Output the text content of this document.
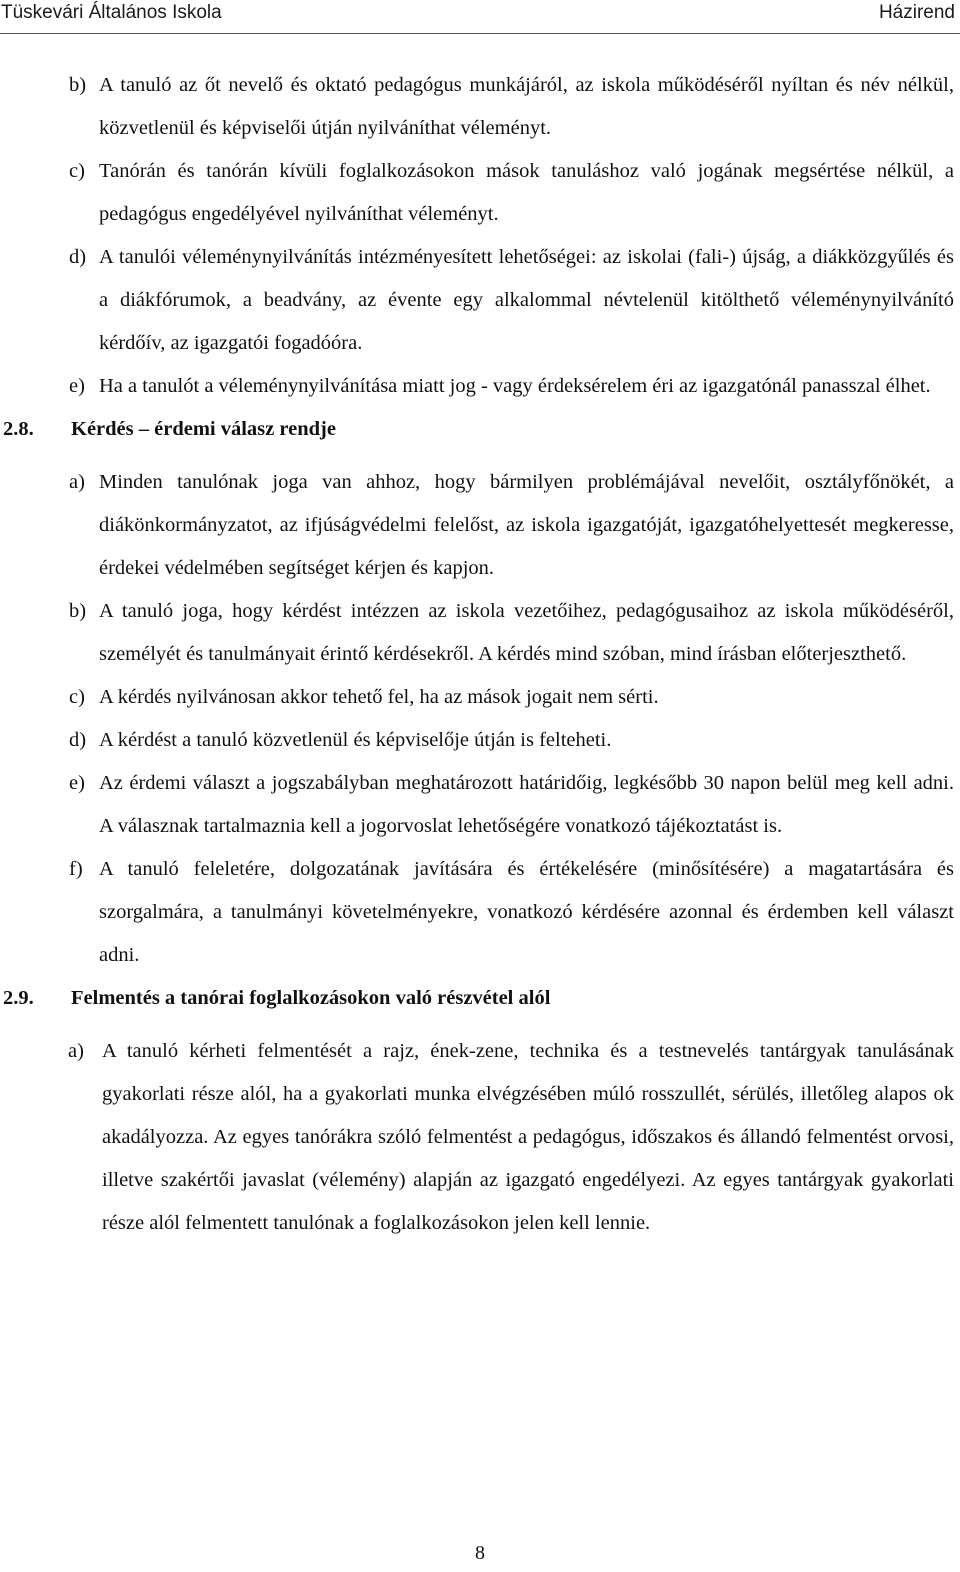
Tüskevári Általános Iskola	Házirend
b) A tanuló az őt nevelő és oktató pedagógus munkájáról, az iskola működéséről nyíltan és név nélkül, közvetlenül és képviselői útján nyilváníthat véleményt.
c) Tanórán és tanórán kívüli foglalkozásokon mások tanuláshoz való jogának megsértése nélkül, a pedagógus engedélyével nyilváníthat véleményt.
d) A tanulói véleménynyilvánítás intézményesített lehetőségei: az iskolai (fali-) újság, a diákközgyűlés és a diákfórumok, a beadvány, az évente egy alkalommal névtelenül kitölthető véleménynyilvánító kérdőív, az igazgatói fogadóóra.
e) Ha a tanulót a véleménynyilvánítása miatt jog - vagy érdeksérelem éri az igazgatónál panasszal élhet.
2.8.	Kérdés – érdemi válasz rendje
a) Minden tanulónak joga van ahhoz, hogy bármilyen problémájával nevelőit, osztályfőnökét, a diákönkormányzatot, az ifjúságvédelmi felelőst, az iskola igazgatóját, igazgatóhelyettesét megkeresse, érdekei védelmében segítséget kérjen és kapjon.
b) A tanuló joga, hogy kérdést intézzen az iskola vezetőihez, pedagógusaihoz az iskola működéséről, személyét és tanulmányait érintő kérdésekről. A kérdés mind szóban, mind írásban előterjeszthető.
c) A kérdés nyilvánosan akkor tehető fel, ha az mások jogait nem sérti.
d) A kérdést a tanuló közvetlenül és képviselője útján is felteheti.
e) Az érdemi választ a jogszabályban meghatározott határidőig, legkésőbb 30 napon belül meg kell adni. A válasznak tartalmaznia kell a jogorvoslat lehetőségére vonatkozó tájékoztatást is.
f) A tanuló feleletére, dolgozatának javítására és értékelésére (minősítésére) a magatartására és szorgalmára, a tanulmányi követelményekre, vonatkozó kérdésére azonnal és érdemben kell választ adni.
2.9.	Felmentés a tanórai foglalkozásokon való részvétel alól
a) A tanuló kérheti felmentését a rajz, ének-zene, technika és a testnevelés tantárgyak tanulásának gyakorlati része alól, ha a gyakorlati munka elvégzésében múló rosszullét, sérülés, illetőleg alapos ok akadályozza. Az egyes tanórákra szóló felmentést a pedagógus, időszakos és állandó felmentést orvosi, illetve szakértői javaslat (vélemény) alapján az igazgató engedélyezi. Az egyes tantárgyak gyakorlati része alól felmentett tanulónak a foglalkozásokon jelen kell lennie.
8
